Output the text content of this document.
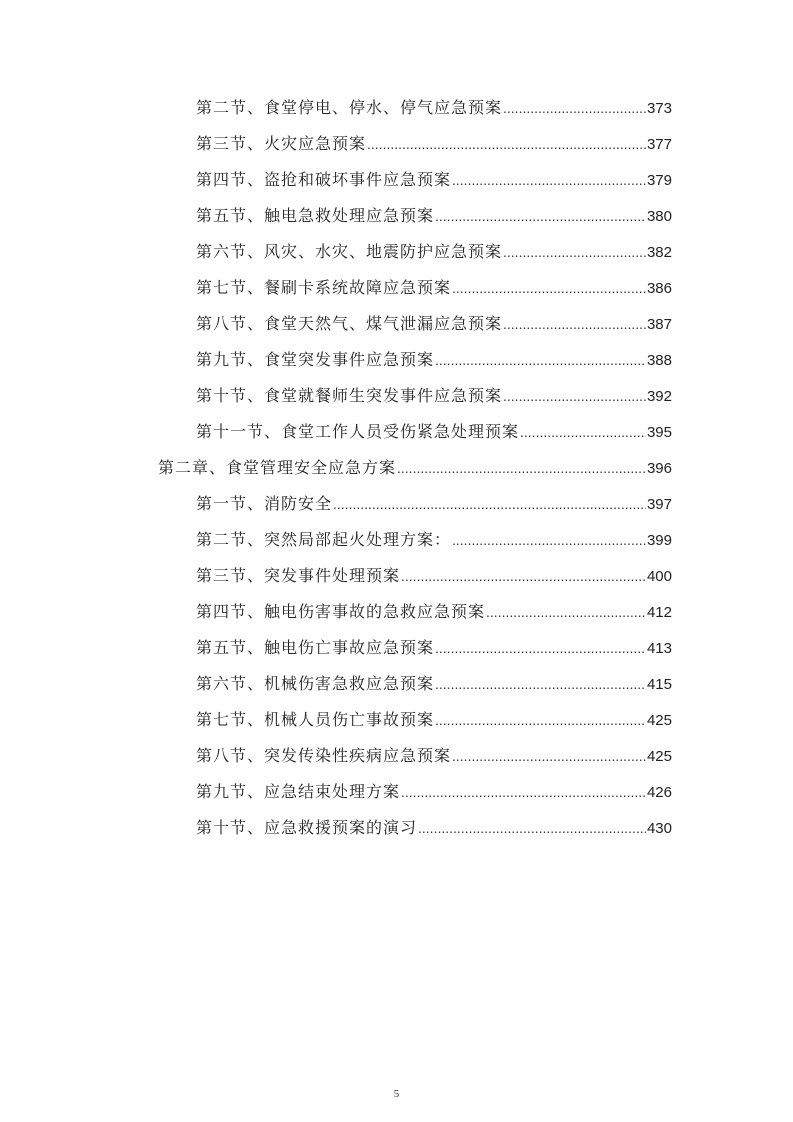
第二节、食堂停电、停水、停气应急预案 .....	373
第三节、火灾应急预案 .....	377
第四节、盗抢和破坏事件应急预案 .....	379
第五节、触电急救处理应急预案 .....	380
第六节、风灾、水灾、地震防护应急预案 .....	382
第七节、餐刷卡系统故障应急预案 .....	386
第八节、食堂天然气、煤气泄漏应急预案 .....	387
第九节、食堂突发事件应急预案 .....	388
第十节、食堂就餐师生突发事件应急预案 .....	392
第十一节、食堂工作人员受伤紧急处理预案 .....	395
第二章、食堂管理安全应急方案 .....	396
第一节、消防安全 .....	397
第二节、突然局部起火处理方案： .....	399
第三节、突发事件处理预案 .....	400
第四节、触电伤害事故的急救应急预案 .....	412
第五节、触电伤亡事故应急预案 .....	413
第六节、机械伤害急救应急预案 .....	415
第七节、机械人员伤亡事故预案 .....	425
第八节、突发传染性疾病应急预案 .....	425
第九节、应急结束处理方案 .....	426
第十节、应急救援预案的演习 .....	430
5
